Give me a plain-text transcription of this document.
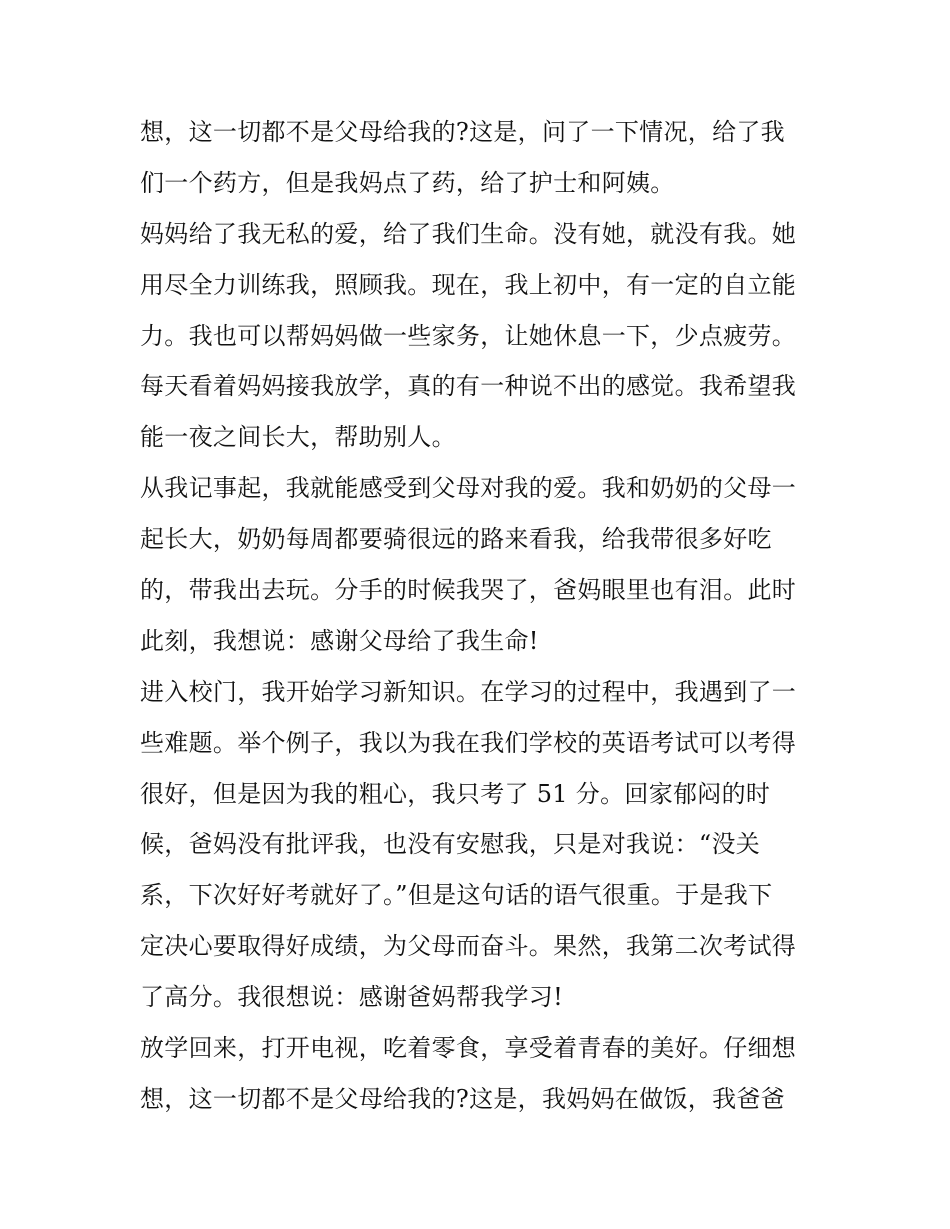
想，这一切都不是父母给我的?这是，问了一下情况，给了我
们一个药方，但是我妈点了药，给了护士和阿姨。
妈妈给了我无私的爱，给了我们生命。没有她，就没有我。她
用尽全力训练我，照顾我。现在，我上初中，有一定的自立能
力。我也可以帮妈妈做一些家务，让她休息一下，少点疲劳。
每天看着妈妈接我放学，真的有一种说不出的感觉。我希望我
能一夜之间长大，帮助别人。
从我记事起，我就能感受到父母对我的爱。我和奶奶的父母一
起长大，奶奶每周都要骑很远的路来看我，给我带很多好吃
的，带我出去玩。分手的时候我哭了，爸妈眼里也有泪。此时
此刻，我想说：感谢父母给了我生命!
进入校门，我开始学习新知识。在学习的过程中，我遇到了一
些难题。举个例子，我以为我在我们学校的英语考试可以考得
很好，但是因为我的粗心，我只考了 51 分。回家郁闷的时
候，爸妈没有批评我，也没有安慰我，只是对我说：“没关
系，下次好好考就好了。”但是这句话的语气很重。于是我下
定决心要取得好成绩，为父母而奋斗。果然，我第二次考试得
了高分。我很想说：感谢爸妈帮我学习!
放学回来，打开电视，吃着零食，享受着青春的美好。仔细想
想，这一切都不是父母给我的?这是，我妈妈在做饭，我爸爸
